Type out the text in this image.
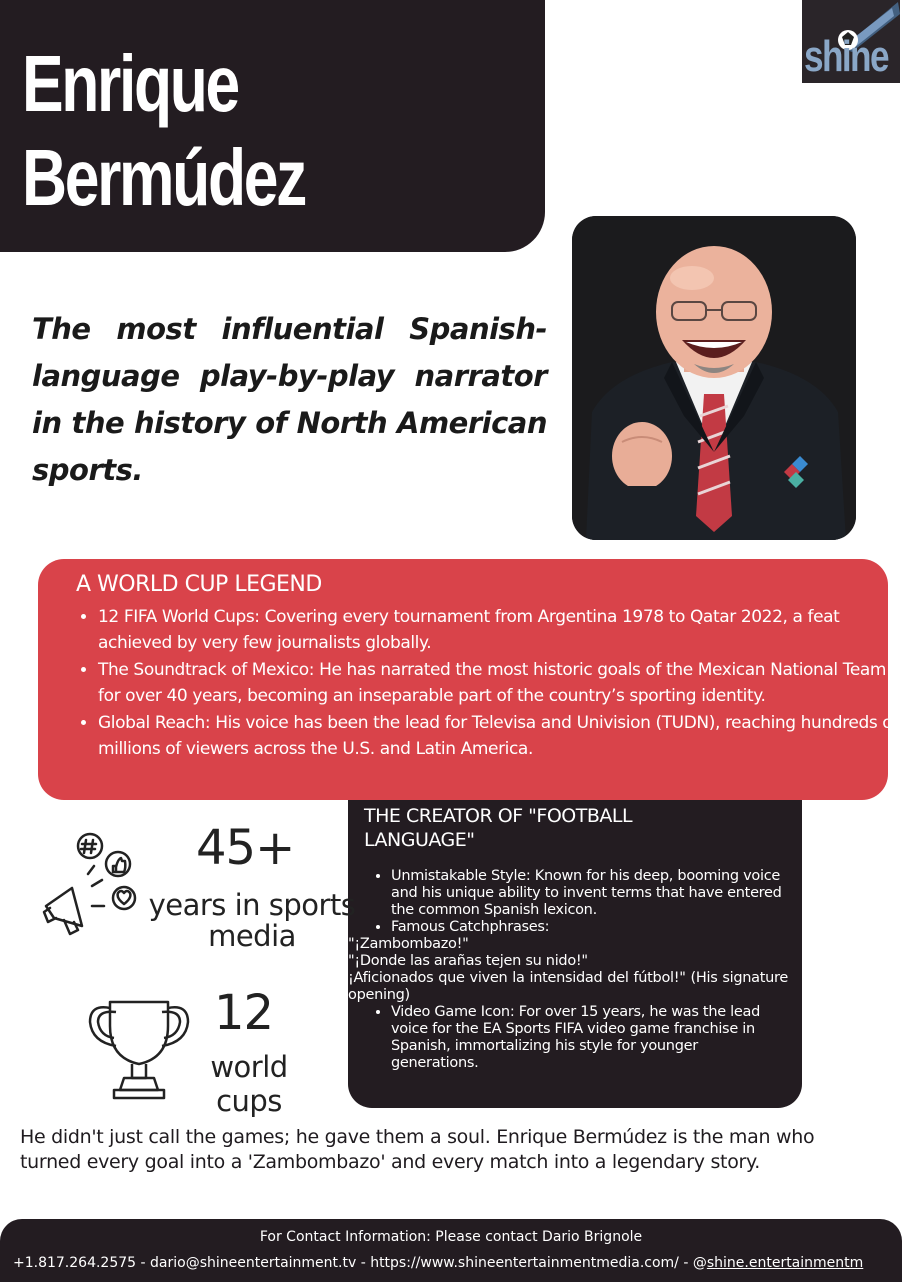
Enrique
Bermúdez
shine
The most influential Spanish-language play-by-play narrator in the history of North American sports.
A WORLD CUP LEGEND
• 12 FIFA World Cups: Covering every tournament from Argentina 1978 to Qatar 2022, a feat achieved by very few journalists globally.
• The Soundtrack of Mexico: He has narrated the most historic goals of the Mexican National Team for over 40 years, becoming an inseparable part of the country’s sporting identity.
• Global Reach: His voice has been the lead for Televisa and Univision (TUDN), reaching hundreds of millions of viewers across the U.S. and Latin America.
THE CREATOR OF "FOOTBALL LANGUAGE"
• Unmistakable Style: Known for his deep, booming voice and his unique ability to invent terms that have entered the common Spanish lexicon.
• Famous Catchphrases:

"¡Zambombazo!"

"¡Donde las arañas tejen su nido!"

¡Aficionados que viven la intensidad del fútbol!" (His signature opening)

• Video Game Icon: For over 15 years, he was the lead voice for the EA Sports FIFA video game franchise in Spanish, immortalizing his style for younger generations.
45+
years in sports media
12
world
cups
He didn't just call the games; he gave them a soul. Enrique Bermúdez is the man who turned every goal into a 'Zambombazo' and every match into a legendary story.
For Contact Information: Please contact Dario Brignole
+1.817.264.2575 - dario@shineentertainment.tv - https://www.shineentertainmentmedia.com/ - @shine.entertainmentm
